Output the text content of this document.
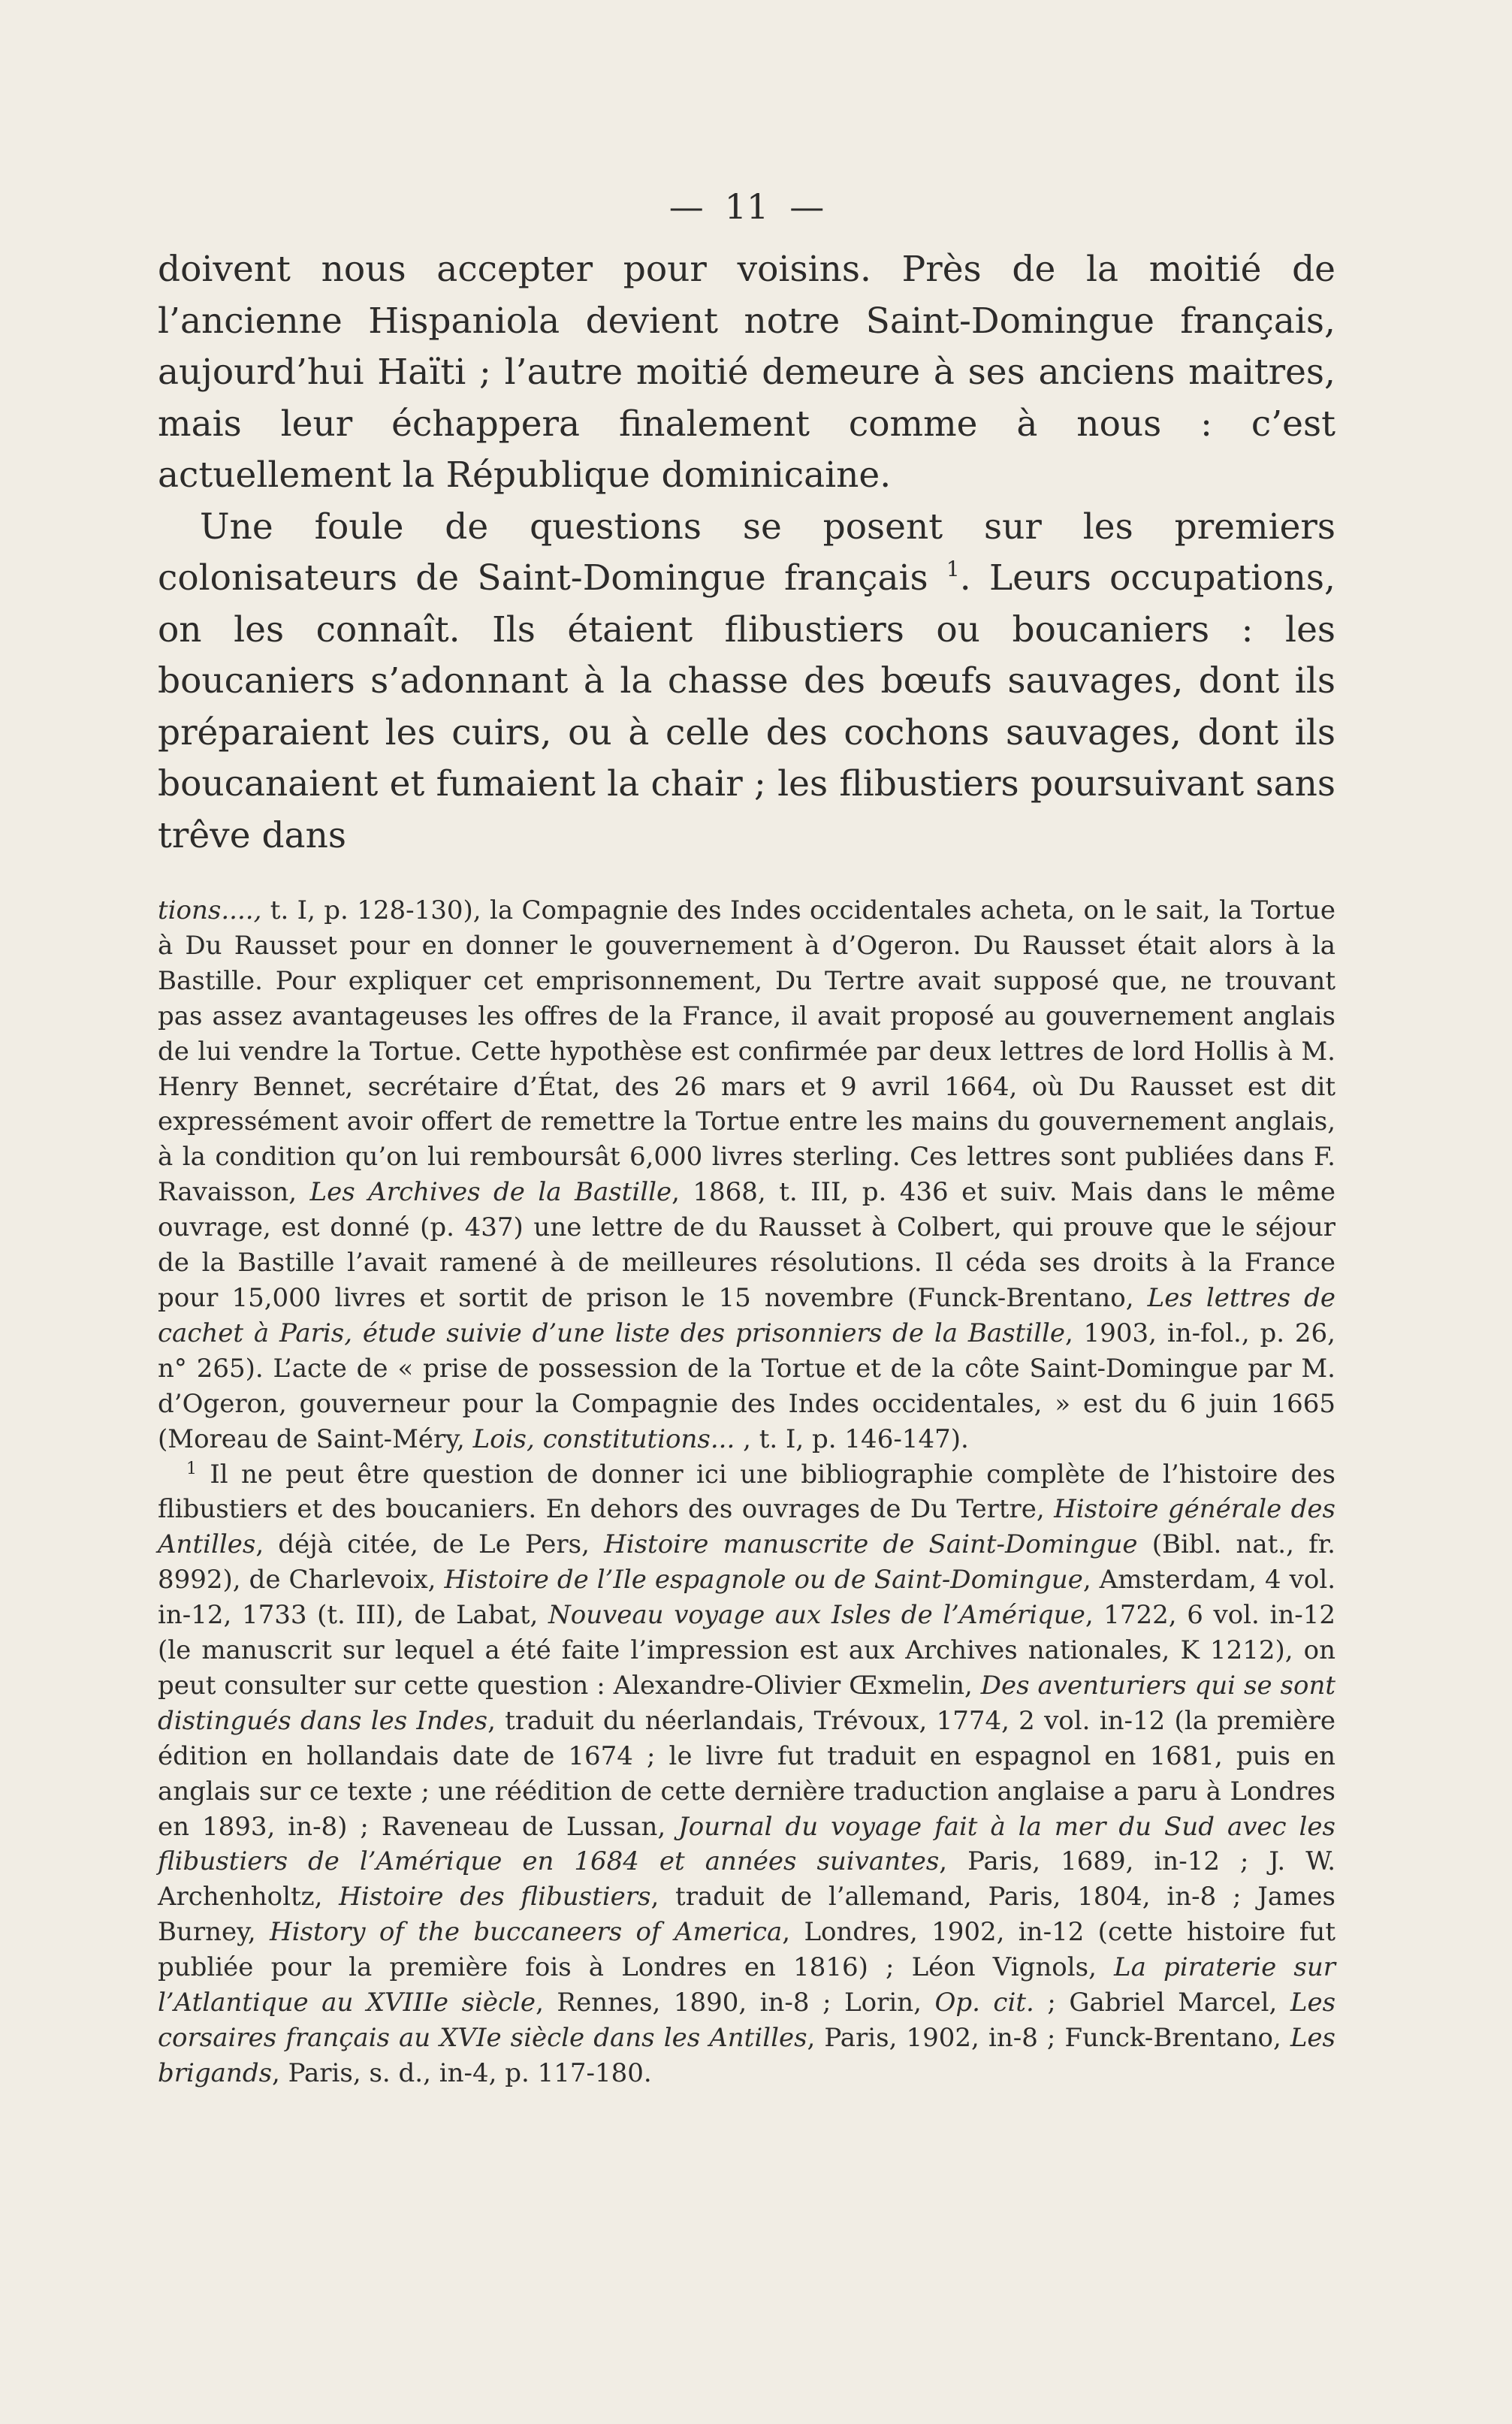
— 11 —

doivent nous accepter pour voisins. Près de la moitié de l’ancienne Hispaniola devient notre Saint-Domingue français, aujourd’hui Haïti ; l’autre moitié demeure à ses anciens maitres, mais leur échappera finalement comme à nous : c’est actuellement la République dominicaine.

Une foule de questions se posent sur les premiers colonisateurs de Saint-Domingue français $^1$. Leurs occupations, on les connaît. Ils étaient flibustiers ou boucaniers : les boucaniers s’adonnant à la chasse des bœufs sauvages, dont ils préparaient les cuirs, ou à celle des cochons sauvages, dont ils boucanaient et fumaient la chair ; les flibustiers poursuivant sans trêve dans

tions...., t. I, p. 128-130), la Compagnie des Indes occidentales acheta, on le sait, la Tortue à Du Rausset pour en donner le gouvernement à d’Ogeron. Du Rausset était alors à la Bastille. Pour expliquer cet emprisonnement, Du Tertre avait supposé que, ne trouvant pas assez avantageuses les offres de la France, il avait proposé au gouvernement anglais de lui vendre la Tortue. Cette hypothèse est confirmée par deux lettres de lord Hollis à M. Henry Bennet, secrétaire d’État, des 26 mars et 9 avril 1664, où Du Rausset est dit expressément avoir offert de remettre la Tortue entre les mains du gouvernement anglais, à la condition qu’on lui remboursât 6,000 livres sterling. Ces lettres sont publiées dans F. Ravaisson, Les Archives de la Bastille, 1868, t. III, p. 436 et suiv. Mais dans le même ouvrage, est donné (p. 437) une lettre de du Rausset à Colbert, qui prouve que le séjour de la Bastille l’avait ramené à de meilleures résolutions. Il céda ses droits à la France pour 15,000 livres et sortit de prison le 15 novembre (Funck-Brentano, Les lettres de cachet à Paris, étude suivie d’une liste des prisonniers de la Bastille, 1903, in-fol., p. 26, n° 265). L’acte de « prise de possession de la Tortue et de la côte Saint-Domingue par M. d’Ogeron, gouverneur pour la Compagnie des Indes occidentales, » est du 6 juin 1665 (Moreau de Saint-Méry, Lois, constitutions... , t. I, p. 146-147).

$^1$ Il ne peut être question de donner ici une bibliographie complète de l’histoire des flibustiers et des boucaniers. En dehors des ouvrages de Du Tertre, Histoire générale des Antilles, déjà citée, de Le Pers, Histoire manuscrite de Saint-Domingue (Bibl. nat., fr. 8992), de Charlevoix, Histoire de l’Ile espagnole ou de Saint-Domingue, Amsterdam, 4 vol. in-12, 1733 (t. III), de Labat, Nouveau voyage aux Isles de l’Amérique, 1722, 6 vol. in-12 (le manuscrit sur lequel a été faite l’impression est aux Archives nationales, K 1212), on peut consulter sur cette question : Alexandre-Olivier Œxmelin, Des aventuriers qui se sont distingués dans les Indes, traduit du néerlandais, Trévoux, 1774, 2 vol. in-12 (la première édition en hollandais date de 1674 ; le livre fut traduit en espagnol en 1681, puis en anglais sur ce texte ; une réédition de cette dernière traduction anglaise a paru à Londres en 1893, in-8) ; Raveneau de Lussan, Journal du voyage fait à la mer du Sud avec les flibustiers de l’Amérique en 1684 et années suivantes, Paris, 1689, in-12 ; J. W. Archenholtz, Histoire des flibustiers, traduit de l’allemand, Paris, 1804, in-8 ; James Burney, History of the buccaneers of America, Londres, 1902, in-12 (cette histoire fut publiée pour la première fois à Londres en 1816) ; Léon Vignols, La piraterie sur l’Atlantique au XVIIIe siècle, Rennes, 1890, in-8 ; Lorin, Op. cit. ; Gabriel Marcel, Les corsaires français au XVIe siècle dans les Antilles, Paris, 1902, in-8 ; Funck-Brentano, Les brigands, Paris, s. d., in-4, p. 117-180.
